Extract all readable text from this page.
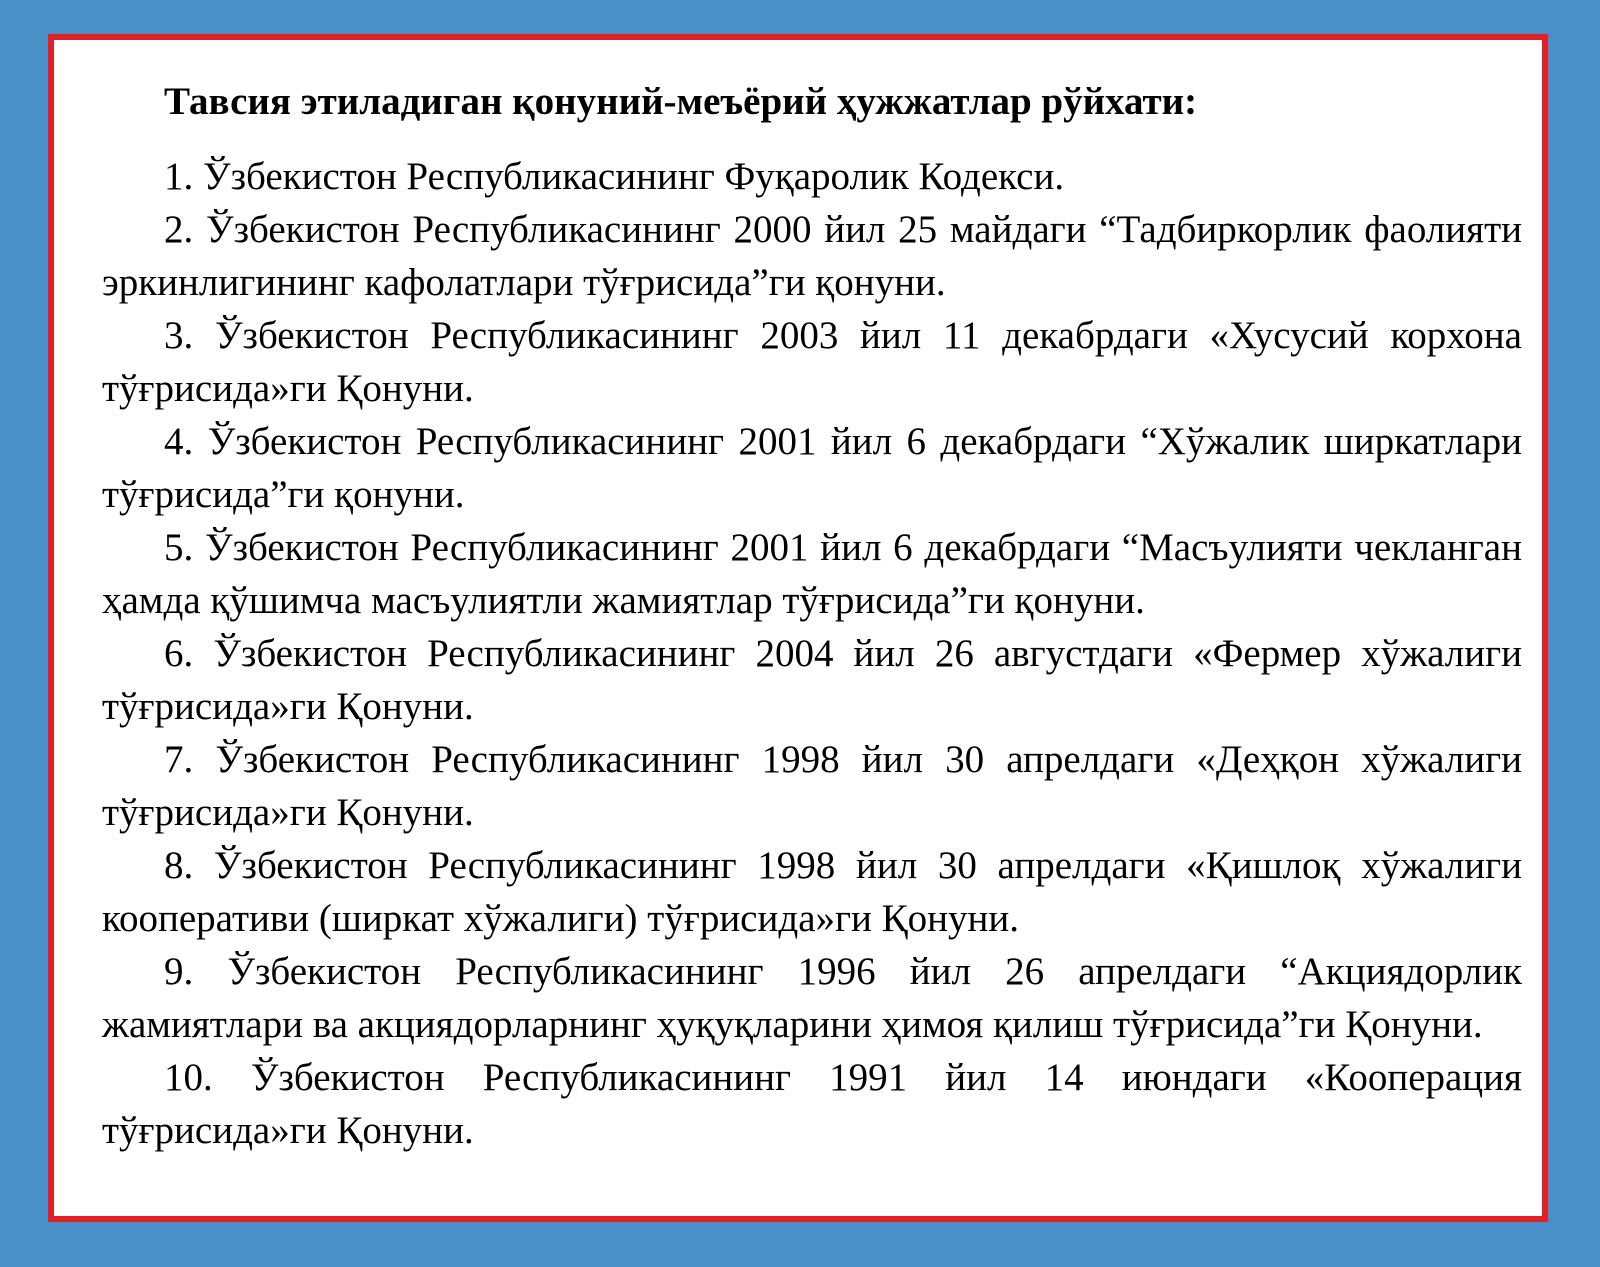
Тавсия этиладиган қонуний-меъёрий ҳужжатлар рўйхати:

1. Ўзбекистон Республикасининг Фуқаролик Кодекси.

2. Ўзбекистон Республикасининг 2000 йил 25 майдаги “Тадбиркорлик фаолияти эркинлигининг кафолатлари тўғрисида”ги қонуни.

3. Ўзбекистон Республикасининг 2003 йил 11 декабрдаги «Хусусий корхона тўғрисида»ги Қонуни.

4. Ўзбекистон Республикасининг 2001 йил 6 декабрдаги “Хўжалик ширкатлари тўғрисида”ги қонуни.

5. Ўзбекистон Республикасининг 2001 йил 6 декабрдаги “Масъулияти чекланган ҳамда қўшимча масъулиятли жамиятлар тўғрисида”ги қонуни.

6. Ўзбекистон Республикасининг 2004 йил 26 августдаги «Фермер хўжалиги тўғрисида»ги Қонуни.

7. Ўзбекистон Республикасининг 1998 йил 30 апрелдаги «Деҳқон хўжалиги тўғрисида»ги Қонуни.

8. Ўзбекистон Республикасининг 1998 йил 30 апрелдаги «Қишлоқ хўжалиги кооперативи (ширкат хўжалиги) тўғрисида»ги Қонуни.

9. Ўзбекистон Республикасининг 1996 йил 26 апрелдаги “Акциядорлик жамиятлари ва акциядорларнинг ҳуқуқларини ҳимоя қилиш тўғрисида”ги Қонуни.

10. Ўзбекистон Республикасининг 1991 йил 14 июндаги «Кооперация тўғрисида»ги Қонуни.
